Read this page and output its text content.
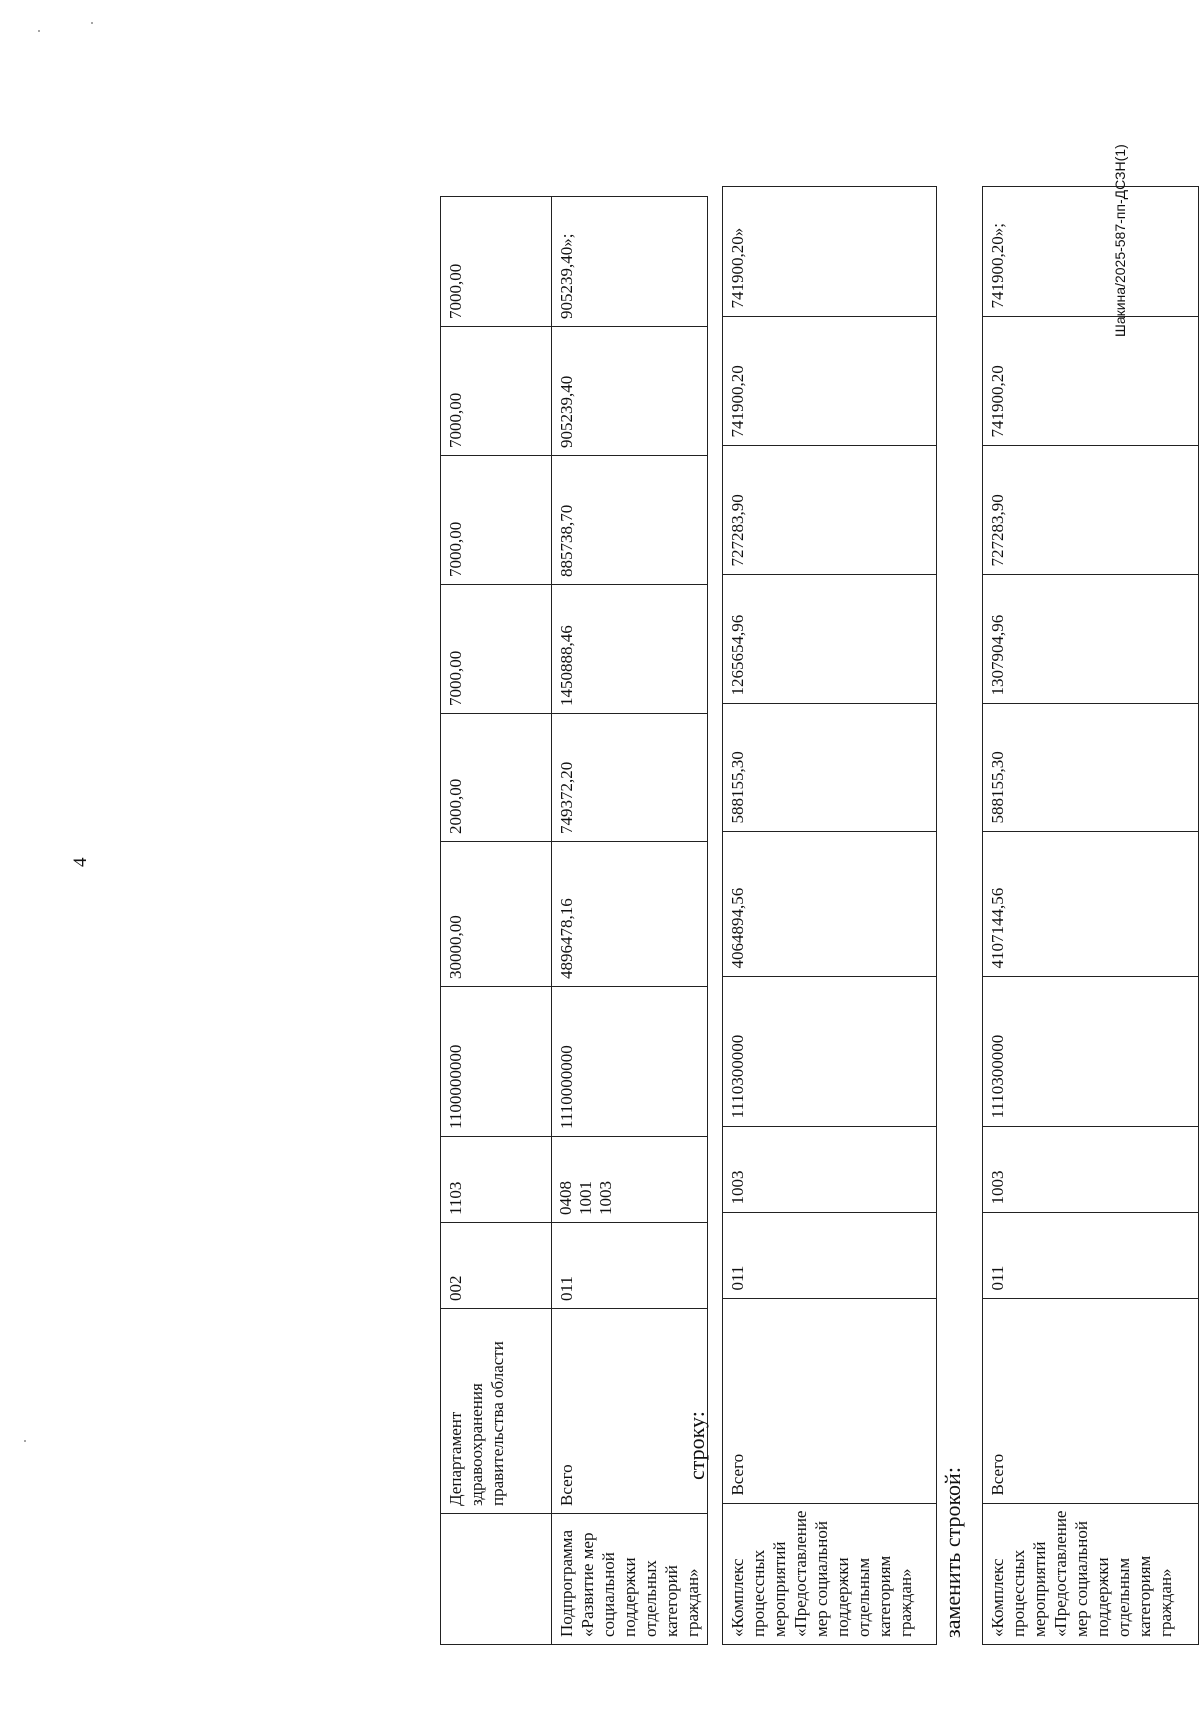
4
	Департамент здравоохранения правительства области	002	1103	1100000000	30000,00	2000,00	7000,00	7000,00	7000,00	7000,00
Подпрограмма «Развитие мер социальной поддержки отдельных категорий граждан»	Всего	011	0408 1001 1003	1110000000	4896478,16	749372,20	1450888,46	885738,70	905239,40	905239,40»;
строку:
«Комплекс процессных мероприятий «Предоставление мер социальной поддержки отдельным категориям граждан»	Всего	011	1003	1110300000	4064894,56	588155,30	1265654,96	727283,90	741900,20	741900,20»
заменить строкой: «Комплекс процессных мероприятий «Предоставление мер социальной поддержки отдельным категориям граждан»	Всего	011	1003	1110300000	4107144,56	588155,30	1307904,96	727283,90	741900,20	741900,20»;	Шакина/2025-587-пп-ДСЗН(1)
